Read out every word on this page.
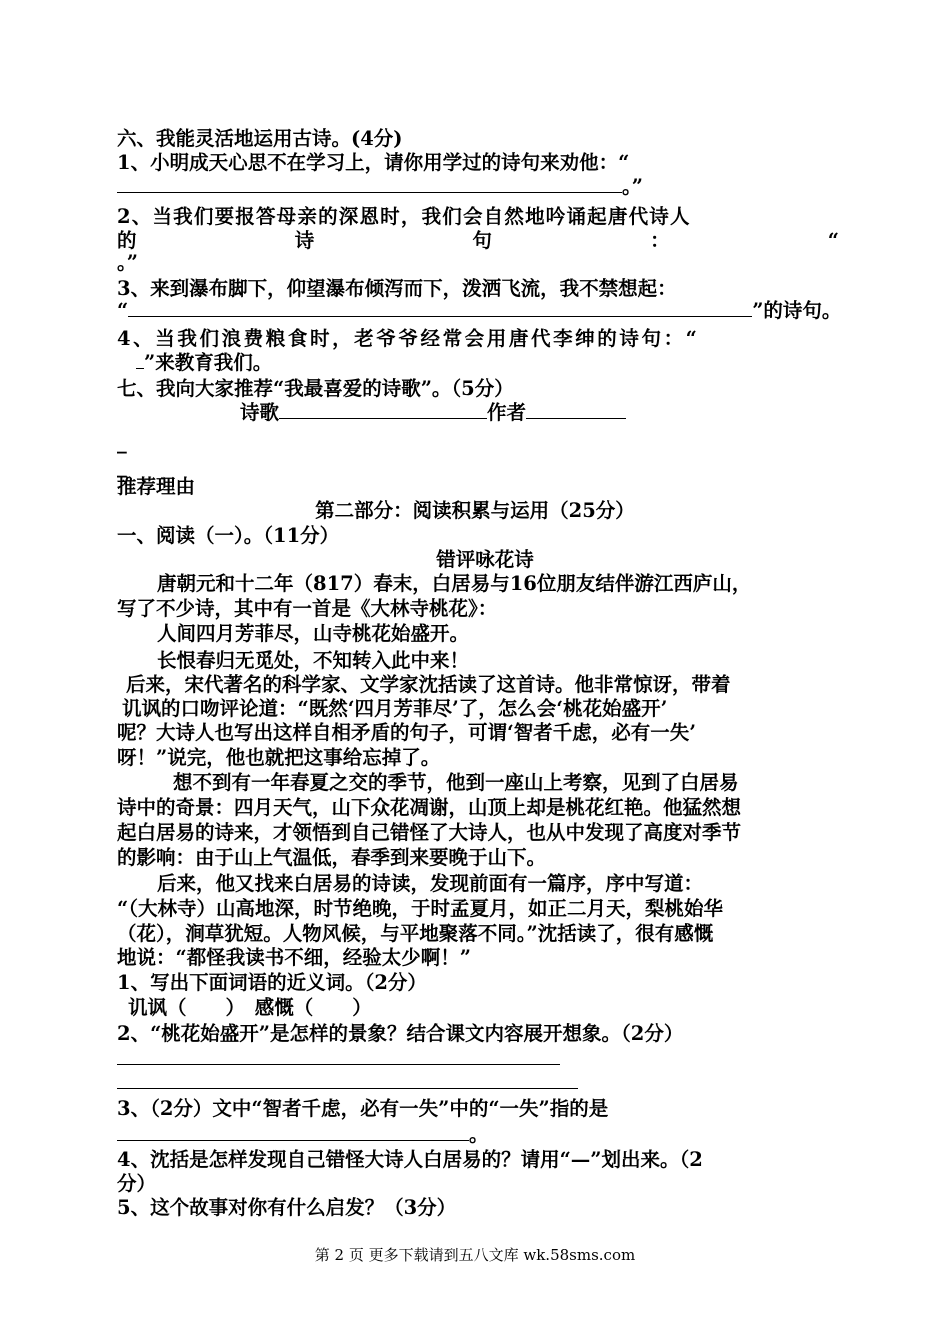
六、我能灵活地运用古诗。(4分)
1、小明成天心思不在学习上，请你用学过的诗句来劝他：“
。”
2、当我们要报答母亲的深恩时，我们会自然地吟诵起唐代诗人
的	诗	句	：	“
。”
3、来到瀑布脚下，仰望瀑布倾泻而下，泼洒飞流，我不禁想起：
“	”的诗句。
4、当我们浪费粮食时，老爷爷经常会用唐代李绅的诗句：“
”来教育我们。
七、我向大家推荐“我最喜爱的诗歌”。（5分）
诗歌	作者
_
_
推荐理由
第二部分：阅读积累与运用（25分）
一、阅读（一）。（11分）
错评咏花诗
唐朝元和十二年（817）春末，白居易与16位朋友结伴游江西庐山，
写了不少诗，其中有一首是《大林寺桃花》：
人间四月芳菲尽，山寺桃花始盛开。
长恨春归无觅处，不知转入此中来！
后来，宋代著名的科学家、文学家沈括读了这首诗。他非常惊讶，带着
讥讽的口吻评论道：“既然‘四月芳菲尽’了，怎么会‘桃花始盛开’
呢？大诗人也写出这样自相矛盾的句子，可谓‘智者千虑，必有一失’
呀！”说完，他也就把这事给忘掉了。
想不到有一年春夏之交的季节，他到一座山上考察，见到了白居易
诗中的奇景：四月天气，山下众花凋谢，山顶上却是桃花红艳。他猛然想
起白居易的诗来，才领悟到自己错怪了大诗人，也从中发现了高度对季节
的影响：由于山上气温低，春季到来要晚于山下。
后来，他又找来白居易的诗读，发现前面有一篇序，序中写道：
“（大林寺）山高地深，时节绝晚，于时孟夏月，如正二月天，梨桃始华
（花），涧草犹短。人物风候，与平地聚落不同。”沈括读了，很有感慨
地说：“都怪我读书不细，经验太少啊！”
1、写出下面词语的近义词。（2分）
讥讽（　　）　感慨（　　）
2、“桃花始盛开”是怎样的景象？结合课文内容展开想象。（2分）
3、（2分）文中“智者千虑，必有一失”中的“一失”指的是
。
4、沈括是怎样发现自己错怪大诗人白居易的？请用“—”划出来。（2
分）
5、这个故事对你有什么启发？（3分）
第 2 页 更多下载请到五八文库 wk.58sms.com
